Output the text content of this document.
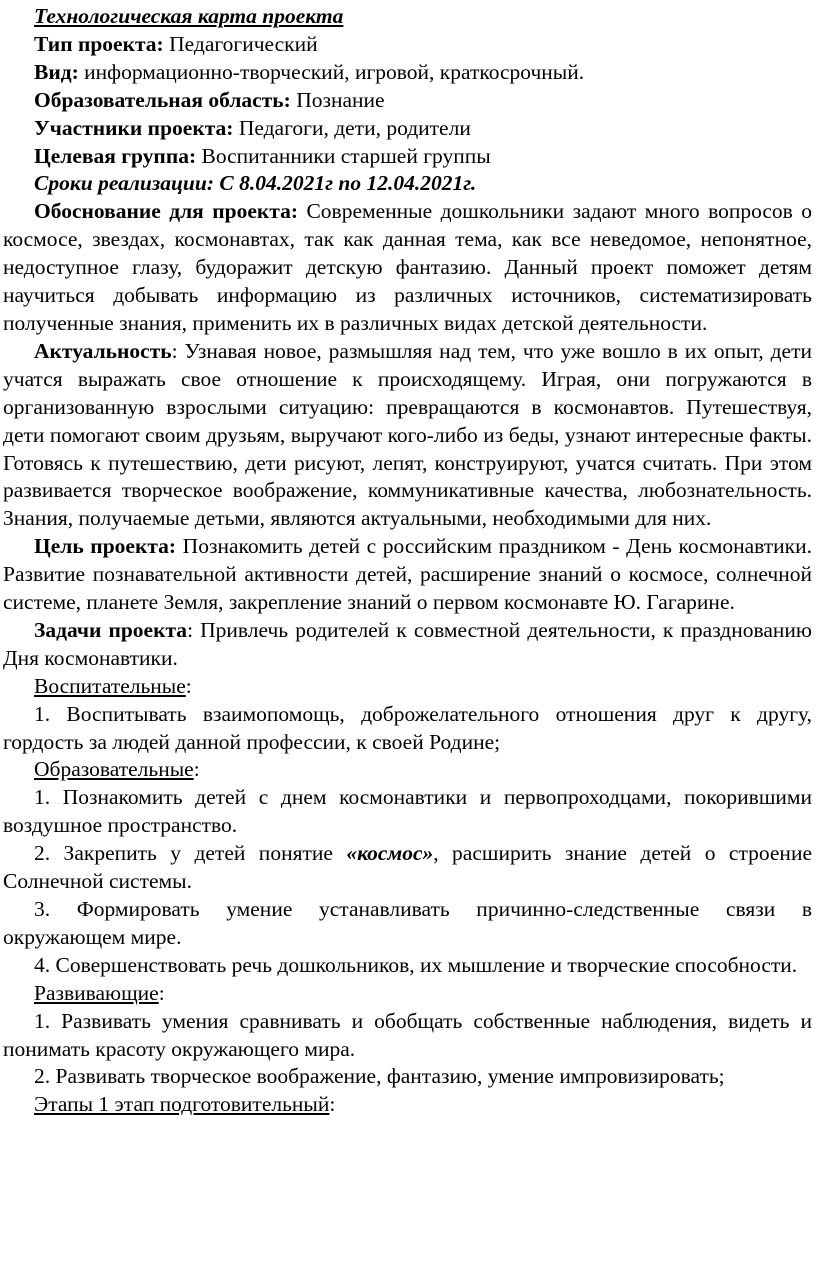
Технологическая карта проекта

Тип проекта: Педагогический

Вид: информационно-творческий, игровой, краткосрочный.

Образовательная область: Познание

Участники проекта: Педагоги, дети, родители

Целевая группа: Воспитанники старшей группы

Сроки реализации: С 8.04.2021г по 12.04.2021г.

Обоснование для проекта: Современные дошкольники задают много вопросов о космосе, звездах, космонавтах, так как данная тема, как все неведомое, непонятное, недоступное глазу, будоражит детскую фантазию. Данный проект поможет детям научиться добывать информацию из различных источников, систематизировать полученные знания, применить их в различных видах детской деятельности.

Актуальность: Узнавая новое, размышляя над тем, что уже вошло в их опыт, дети учатся выражать свое отношение к происходящему. Играя, они погружаются в организованную взрослыми ситуацию: превращаются в космонавтов. Путешествуя, дети помогают своим друзьям, выручают кого-либо из беды, узнают интересные факты. Готовясь к путешествию, дети рисуют, лепят, конструируют, учатся считать. При этом развивается творческое воображение, коммуникативные качества, любознательность. Знания, получаемые детьми, являются актуальными, необходимыми для них.

Цель проекта: Познакомить детей с российским праздником - День космонавтики. Развитие познавательной активности детей, расширение знаний о космосе, солнечной системе, планете Земля, закрепление знаний о первом космонавте Ю. Гагарине.

Задачи проекта: Привлечь родителей к совместной деятельности, к празднованию Дня космонавтики.

Воспитательные:

1. Воспитывать взаимопомощь, доброжелательного отношения друг к другу, гордость за людей данной профессии, к своей Родине;

Образовательные:

1. Познакомить детей с днем космонавтики и первопроходцами, покорившими воздушное пространство.

2. Закрепить у детей понятие «космос», расширить знание детей о строение Солнечной системы.

3. Формировать умение устанавливать причинно-следственные связи в окружающем мире.

4. Совершенствовать речь дошкольников, их мышление и творческие способности.

Развивающие:

1. Развивать умения сравнивать и обобщать собственные наблюдения, видеть и понимать красоту окружающего мира.

2. Развивать творческое воображение, фантазию, умение импровизировать;

Этапы 1 этап подготовительный:
